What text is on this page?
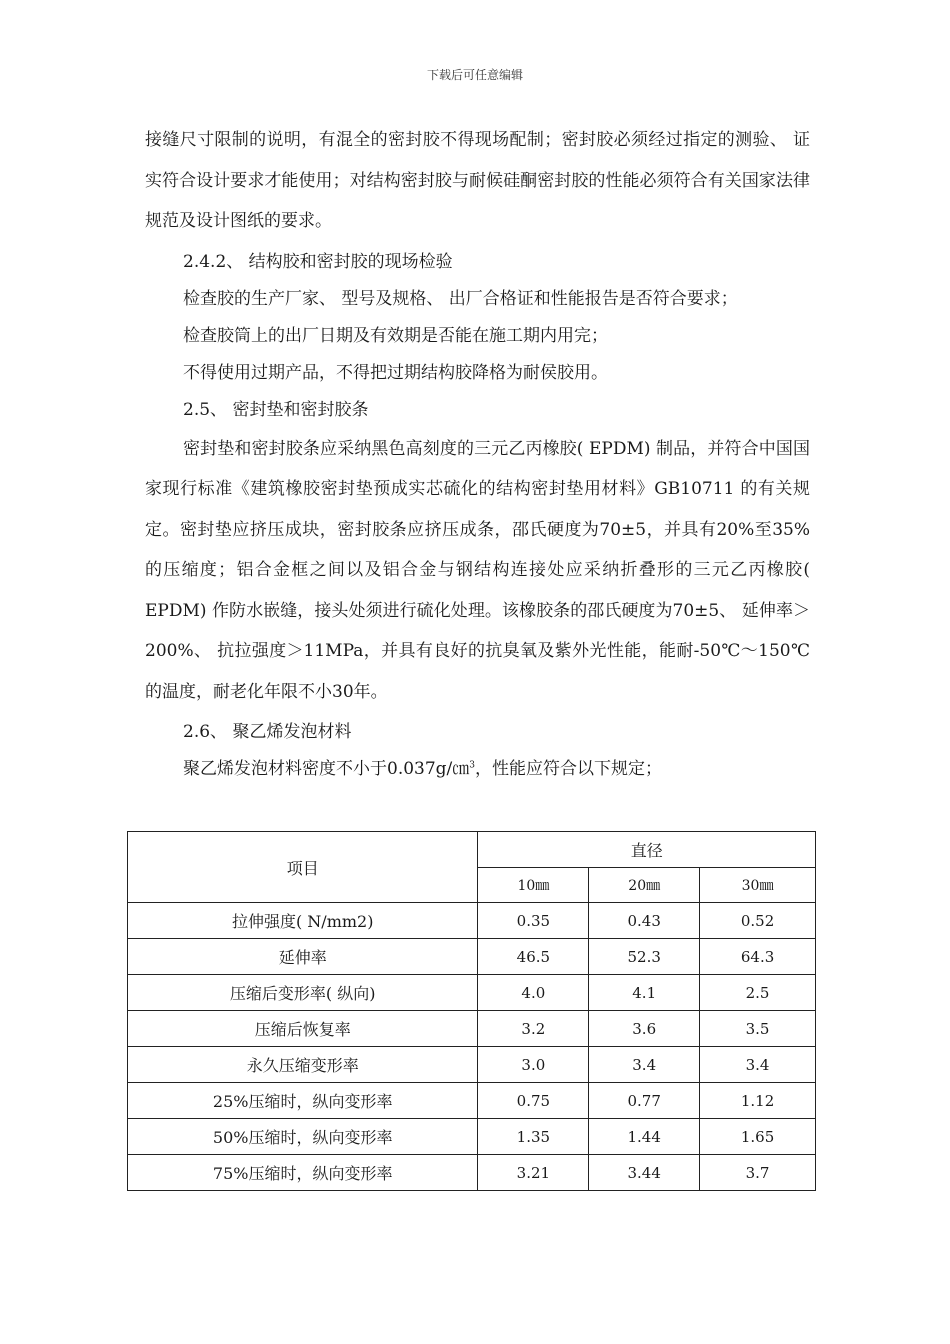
下载后可任意编辑

接缝尺寸限制的说明，有混全的密封胶不得现场配制；密封胶必须经过指定的测验、 证实符合设计要求才能使用；对结构密封胶与耐候硅酮密封胶的性能必须符合有关国家法律规范及设计图纸的要求。

2.4.2、 结构胶和密封胶的现场检验

检查胶的生产厂家、 型号及规格、 出厂合格证和性能报告是否符合要求；

检查胶筒上的出厂日期及有效期是否能在施工期内用完；

不得使用过期产品，不得把过期结构胶降格为耐侯胶用。

2.5、 密封垫和密封胶条

密封垫和密封胶条应采纳黑色高刻度的三元乙丙橡胶( EPDM) 制品，并符合中国国家现行标准《建筑橡胶密封垫预成实芯硫化的结构密封垫用材料》GB10711 的有关规定。密封垫应挤压成块，密封胶条应挤压成条，邵氏硬度为70±5，并具有20%至35%的压缩度；铝合金框之间以及铝合金与钢结构连接处应采纳折叠形的三元乙丙橡胶( EPDM) 作防水嵌缝，接头处须进行硫化处理。该橡胶条的邵氏硬度为70±5、 延伸率＞200%、 抗拉强度＞11MPa，并具有良好的抗臭氧及紫外光性能，能耐-50℃～150℃的温度，耐老化年限不小30年。

2.6、 聚乙烯发泡材料

聚乙烯发泡材料密度不小于0.037g/㎝$^3$，性能应符合以下规定；

项目	直径		
	10㎜	20㎜	30㎜
拉伸强度( N/mm2)	0.35	0.43	0.52
延伸率	46.5	52.3	64.3
压缩后变形率( 纵向)	4.0	4.1	2.5
压缩后恢复率	3.2	3.6	3.5
永久压缩变形率	3.0	3.4	3.4
25%压缩时，纵向变形率	0.75	0.77	1.12
50%压缩时，纵向变形率	1.35	1.44	1.65
75%压缩时，纵向变形率	3.21	3.44	3.7
